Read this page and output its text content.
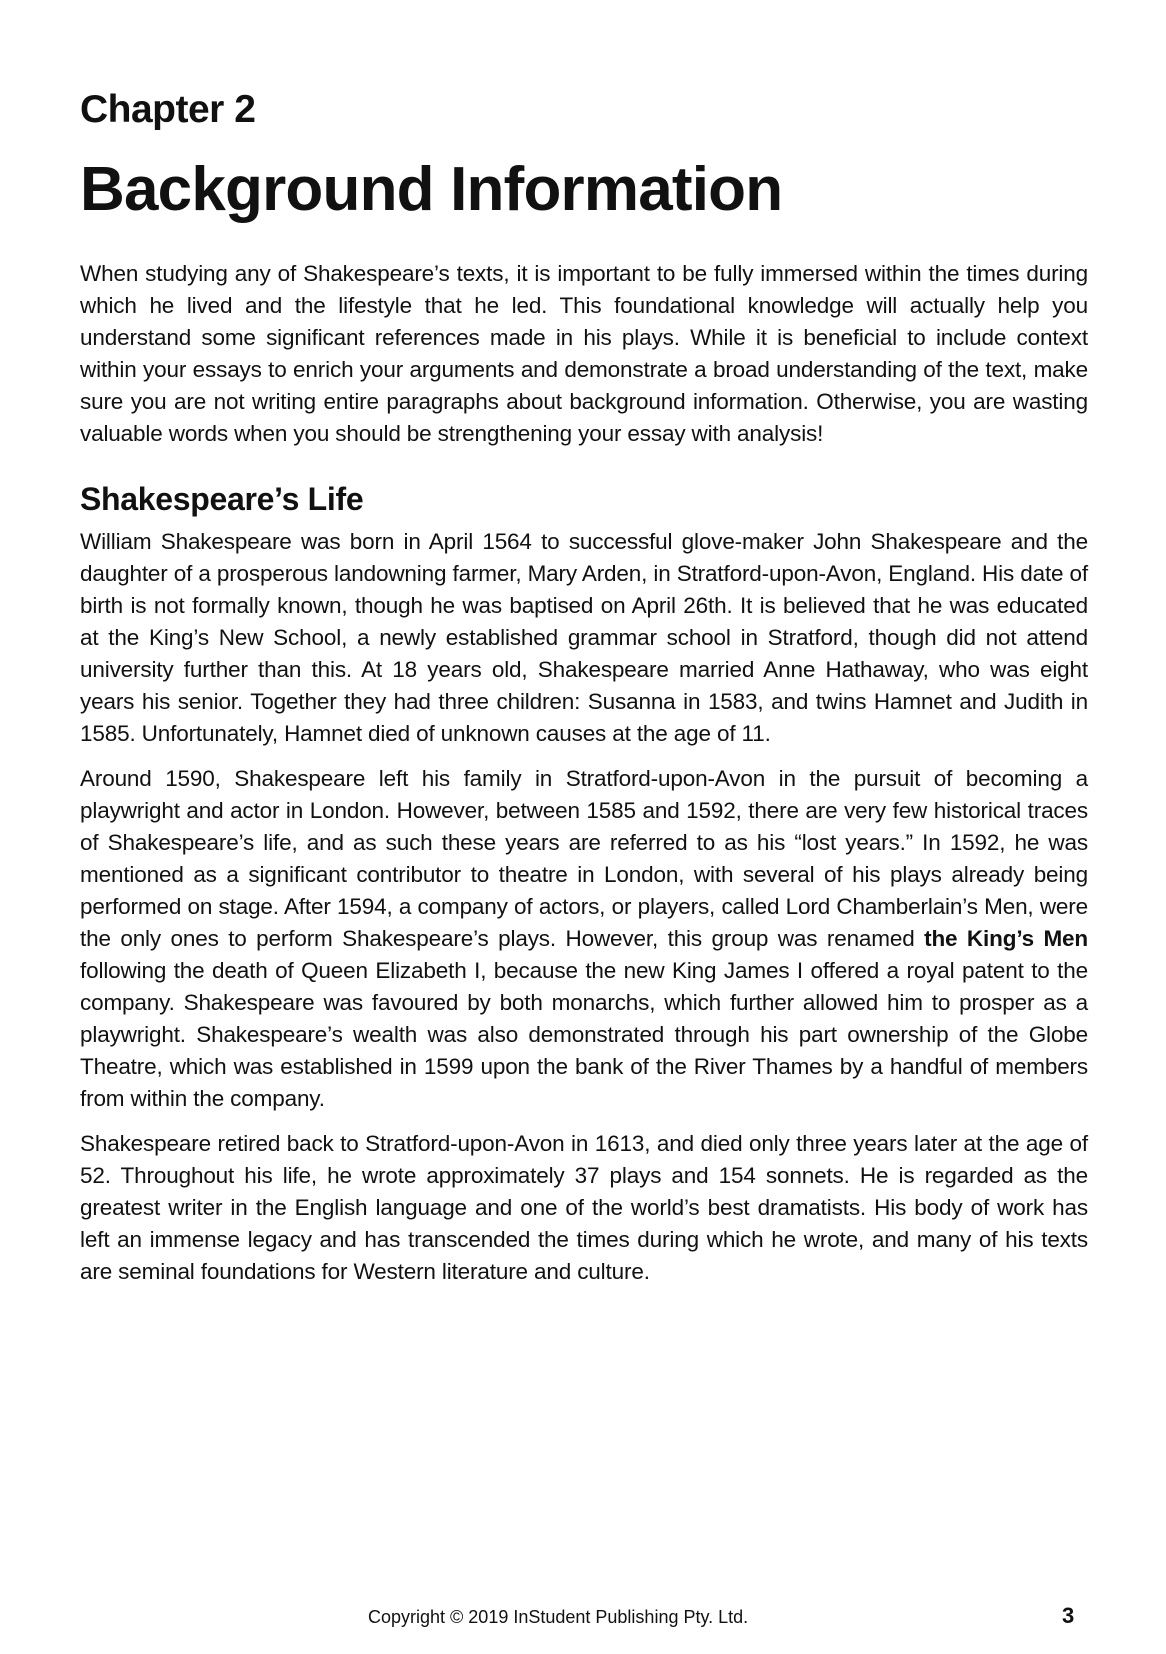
Chapter 2
Background Information

When studying any of Shakespeare’s texts, it is important to be fully immersed within the times during which he lived and the lifestyle that he led. This foundational knowledge will actually help you understand some significant references made in his plays. While it is beneficial to include context within your essays to enrich your arguments and demonstrate a broad understanding of the text, make sure you are not writing entire paragraphs about background information. Otherwise, you are wasting valuable words when you should be strengthening your essay with analysis!

Shakespeare’s Life

William Shakespeare was born in April 1564 to successful glove-maker John Shakespeare and the daughter of a prosperous landowning farmer, Mary Arden, in Stratford-upon-Avon, England. His date of birth is not formally known, though he was baptised on April 26th. It is believed that he was educated at the King’s New School, a newly established grammar school in Stratford, though did not attend university further than this. At 18 years old, Shakespeare married Anne Hathaway, who was eight years his senior. Together they had three children: Susanna in 1583, and twins Hamnet and Judith in 1585. Unfortunately, Hamnet died of unknown causes at the age of 11.

Around 1590, Shakespeare left his family in Stratford-upon-Avon in the pursuit of becoming a playwright and actor in London. However, between 1585 and 1592, there are very few historical traces of Shakespeare’s life, and as such these years are referred to as his “lost years.” In 1592, he was mentioned as a significant contributor to theatre in London, with several of his plays already being performed on stage. After 1594, a company of actors, or players, called Lord Chamberlain’s Men, were the only ones to perform Shakespeare’s plays. However, this group was renamed the King’s Men following the death of Queen Elizabeth I, because the new King James I offered a royal patent to the company. Shakespeare was favoured by both monarchs, which further allowed him to prosper as a playwright. Shakespeare’s wealth was also demonstrated through his part ownership of the Globe Theatre, which was established in 1599 upon the bank of the River Thames by a handful of members from within the company.

Shakespeare retired back to Stratford-upon-Avon in 1613, and died only three years later at the age of 52. Throughout his life, he wrote approximately 37 plays and 154 sonnets. He is regarded as the greatest writer in the English language and one of the world’s best dramatists. His body of work has left an immense legacy and has transcended the times during which he wrote, and many of his texts are seminal foundations for Western literature and culture.

Copyright © 2019 InStudent Publishing Pty. Ltd.	3
